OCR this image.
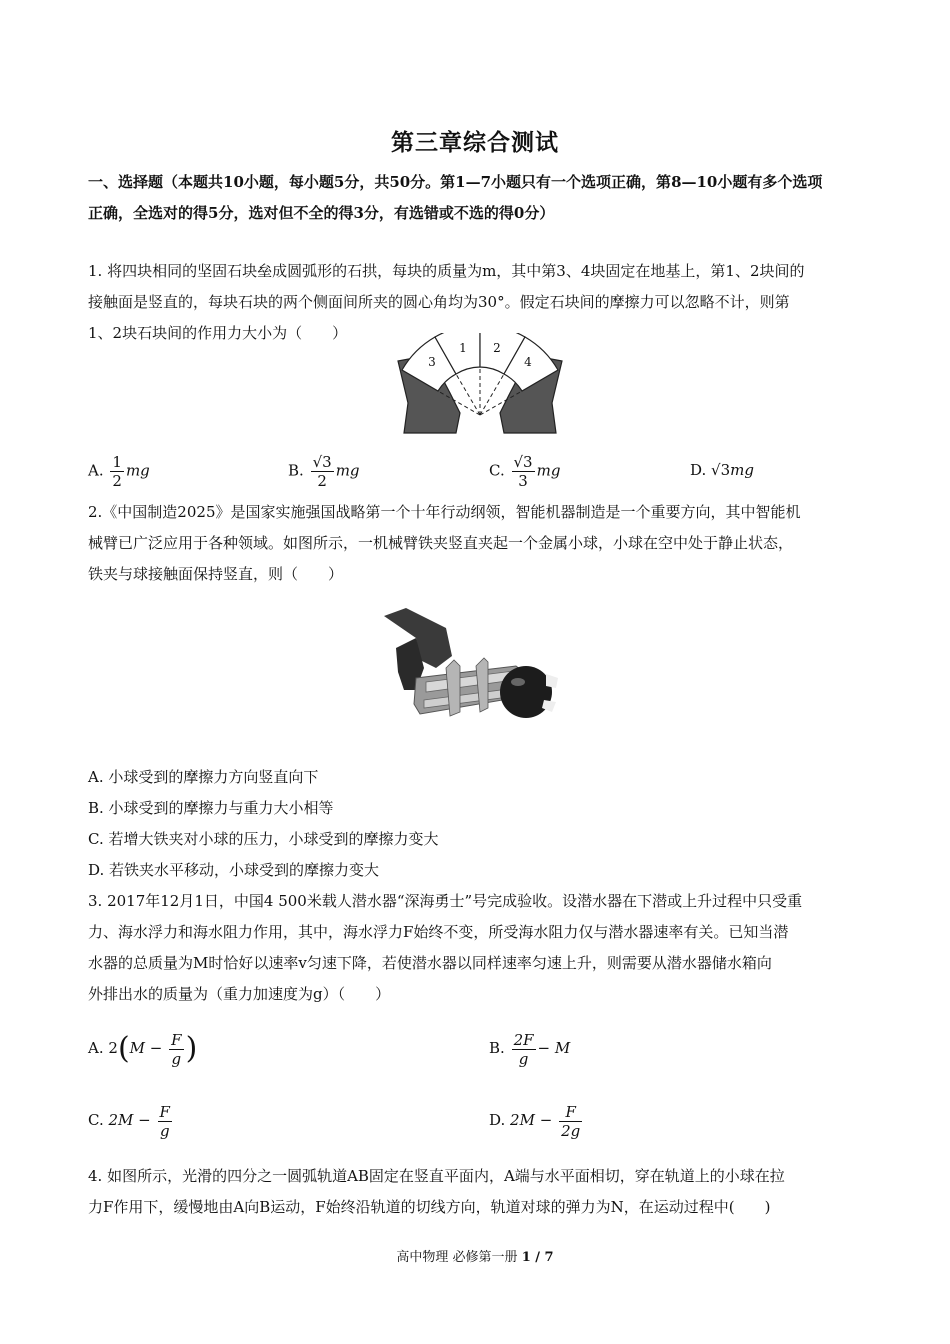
第三章综合测试
一、选择题（本题共10小题，每小题5分，共50分。第1—7小题只有一个选项正确，第8—10小题有多个选项
正确，全选对的得5分，选对但不全的得3分，有选错或不选的得0分）
1. 将四块相同的坚固石块垒成圆弧形的石拱，每块的质量为m，其中第3、4块固定在地基上，第1、2块间的
接触面是竖直的，每块石块的两个侧面间所夹的圆心角均为30°。假定石块间的摩擦力可以忽略不计，则第
1、2块石块间的作用力大小为（　　）
3
1 2
4
A. $\frac{1}{2}$ mg	B. $\frac{√3}{2}$ mg	C. $\frac{√3}{3}$ mg	D. √3mg
2.《中国制造2025》是国家实施强国战略第一个十年行动纲领，智能机器制造是一个重要方向，其中智能机
械臂已广泛应用于各种领域。如图所示，一机械臂铁夹竖直夹起一个金属小球，小球在空中处于静止状态，
铁夹与球接触面保持竖直，则（　　）
A. 小球受到的摩擦力方向竖直向下
B. 小球受到的摩擦力与重力大小相等
C. 若增大铁夹对小球的压力，小球受到的摩擦力变大
D. 若铁夹水平移动，小球受到的摩擦力变大
3. 2017年12月1日，中国4 500米载人潜水器“深海勇士”号完成验收。设潜水器在下潜或上升过程中只受重
力、海水浮力和海水阻力作用，其中，海水浮力F始终不变，所受海水阻力仅与潜水器速率有关。已知当潜
水器的总质量为M时恰好以速率v匀速下降，若使潜水器以同样速率匀速上升，则需要从潜水器储水箱向
外排出水的质量为（重力加速度为g）（　　）
A. $2(M - \frac{F}{g}$ )	B. $\frac{2F}{g} - M$
C. $2M - \frac{F}{g}$	D. $2M - \frac{F}{2g}$
4. 如图所示，光滑的四分之一圆弧轨道AB固定在竖直平面内，A端与水平面相切，穿在轨道上的小球在拉
力F作用下，缓慢地由A向B运动，F始终沿轨道的切线方向，轨道对球的弹力为N，在运动过程中(　　)
高中物理 必修第一册 1 / 7
